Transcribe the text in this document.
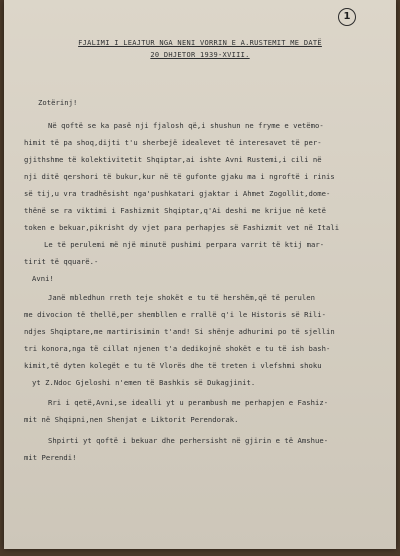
1
FJALIMI I LEAJTUR NGA NENI VORRIN E A.RUSTEMIT ME DATË
20 DHJETOR 1939-XVIII.
Zotërinj!
Në qoftë se ka pasë nji fjalosh që,i shushun ne fryme e vetëmo-
himit të pa shoq,dijti t'u sherbejë idealevet të interesavet të per-
gjithshme të kolektivitetit Shqiptar,ai ishte Avni Rustemi,i cili në
nji ditë qershori të bukur,kur në të gufonte gjaku ma i ngroftë i rinis
së tij,u vra tradhësisht nga'pushkatari gjaktar i Ahmet Zogollit,dome-
thënë se ra viktimi i Fashizmit Shqiptar,q'Ai deshi me krijue në ketë
token e bekuar,pikrisht dy vjet para perhapjes së Fashizmit vet në Itali
Le të perulemi më një minutë pushimi perpara varrit të ktij mar-
tirit të qquarë.-
Avni!
Janë mbledhun rreth teje shokët e tu të hershëm,që të perulen
me divocion të thellë,per shembllen e rrallë q'i le Historis së Rili-
ndjes Shqiptare,me martirisimin t'and! Si shënje adhurimi po të sjellin
tri konora,nga të cillat njenen t'a dedikojnë shokët e tu të ish bash-
kimit,të dyten kolegët e tu të Vlorës dhe të treten i vlefshmi shoku
yt Z.Ndoc Gjeloshi n'emen të Bashkis së Dukagjinit.
Rri i qetë,Avni,se idealli yt u perambush me perhapjen e Fashiz-
mit në Shqipni,nen Shenjat e Liktorit Perendorak.
Shpirti yt qoftë i bekuar dhe perhersisht në gjirin e të Amshue-
mit Perendi!
